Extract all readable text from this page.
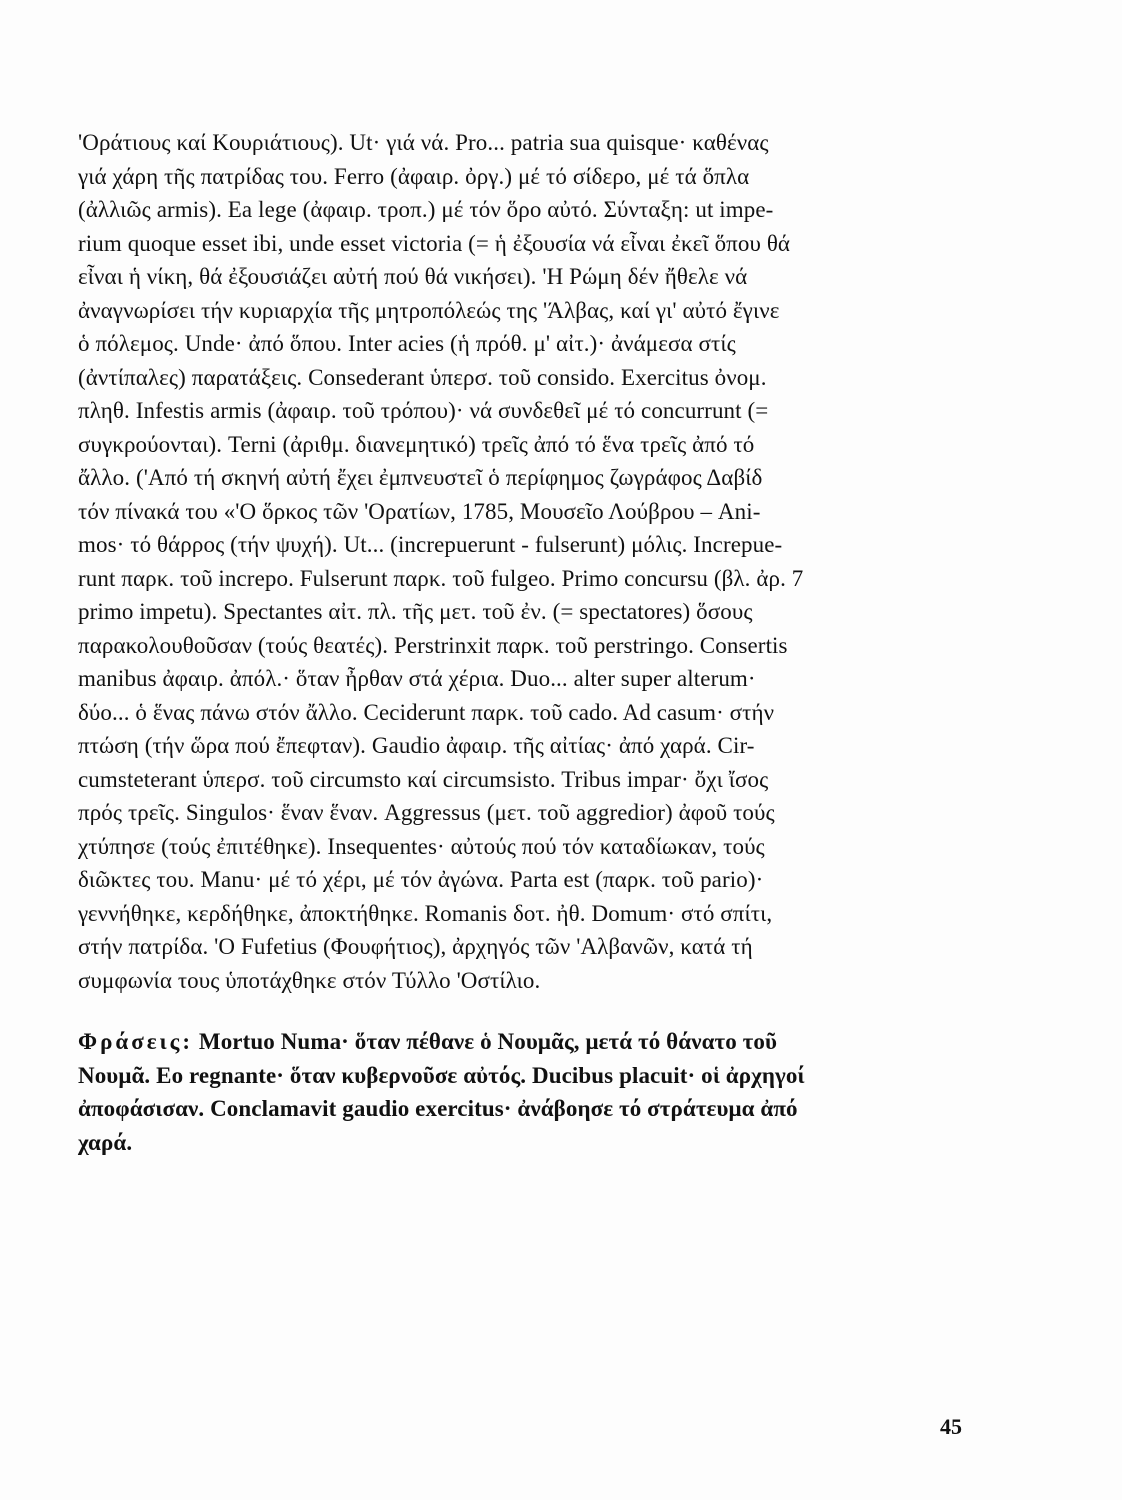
'Οράτιους καί Κουριάτιους). Ut· γιά νά. Pro... patria sua quisque· καθένας
γιά χάρη τῆς πατρίδας του. Ferro (ἀφαιρ. ὀργ.) μέ τό σίδερο, μέ τά ὅπλα
(ἀλλιῶς armis). Ea lege (ἀφαιρ. τροπ.) μέ τόν ὅρο αὐτό. Σύνταξη: ut impe-
rium quoque esset ibi, unde esset victoria (= ἡ ἐξουσία νά εἶναι ἐκεῖ ὅπου θά
εἶναι ἡ νίκη, θά ἐξουσιάζει αὐτή πού θά νικήσει). 'Η Ρώμη δέν ἤθελε νά
ἀναγνωρίσει τήν κυριαρχία τῆς μητροπόλεώς της 'Άλβας, καί γι' αὐτό ἔγινε
ὁ πόλεμος. Unde· ἀπό ὅπου. Inter acies (ἡ πρόθ. μ' αἰτ.)· ἀνάμεσα στίς
(ἀντίπαλες) παρατάξεις. Consederant ὑπερσ. τοῦ consido. Exercitus ὀνομ.
πληθ. Infestis armis (ἀφαιρ. τοῦ τρόπου)· νά συνδεθεῖ μέ τό concurrunt (=
συγκρούονται). Terni (ἀριθμ. διανεμητικό) τρεῖς ἀπό τό ἕνα τρεῖς ἀπό τό
ἄλλο. ('Από τή σκηνή αὐτή ἔχει ἐμπνευστεῖ ὁ περίφημος ζωγράφος Δαβίδ
τόν πίνακά του «'Ο ὅρκος τῶν 'Ορατίων, 1785, Μουσεῖο Λούβρου – Ani-
mos· τό θάρρος (τήν ψυχή). Ut... (increpuerunt - fulserunt) μόλις. Increpue-
runt παρκ. τοῦ increpo. Fulserunt παρκ. τοῦ fulgeo. Primo concursu (βλ. ἀρ. 7
primo impetu). Spectantes αἰτ. πλ. τῆς μετ. τοῦ ἐν. (= spectatores) ὅσους
παρακολουθοῦσαν (τούς θεατές). Perstrinxit παρκ. τοῦ perstringo. Consertis
manibus ἀφαιρ. ἀπόλ.· ὅταν ἦρθαν στά χέρια. Duo... alter super alterum·
δύο... ὁ ἕνας πάνω στόν ἄλλο. Ceciderunt παρκ. τοῦ cado. Ad casum· στήν
πτώση (τήν ὥρα πού ἔπεφταν). Gaudio ἀφαιρ. τῆς αἰτίας· ἀπό χαρά. Cir-
cumsteterant ὑπερσ. τοῦ circumsto καί circumsisto. Tribus impar· ὄχι ἴσος
πρός τρεῖς. Singulos· ἕναν ἕναν. Aggressus (μετ. τοῦ aggredior) ἀφοῦ τούς
χτύπησε (τούς ἐπιτέθηκε). Insequentes· αὐτούς πού τόν καταδίωκαν, τούς
διῶκτες του. Manu· μέ τό χέρι, μέ τόν ἀγώνα. Parta est (παρκ. τοῦ pario)·
γεννήθηκε, κερδήθηκε, ἀποκτήθηκε. Romanis δοτ. ἠθ. Domum· στό σπίτι,
στήν πατρίδα. 'Ο Fufetius (Φουφήτιος), ἀρχηγός τῶν 'Αλβανῶν, κατά τή
συμφωνία τους ὑποτάχθηκε στόν Τύλλο 'Οστίλιο.
Φράσεις: Mortuo Numa· ὅταν πέθανε ὁ Νουμᾶς, μετά τό θάνατο τοῦ
Νουμᾶ. Eo regnante· ὅταν κυβερνοῦσε αὐτός. Ducibus placuit· οἱ ἀρχηγοί
ἀποφάσισαν. Conclamavit gaudio exercitus· ἀνάβοησε τό στράτευμα ἀπό
χαρά.
45
